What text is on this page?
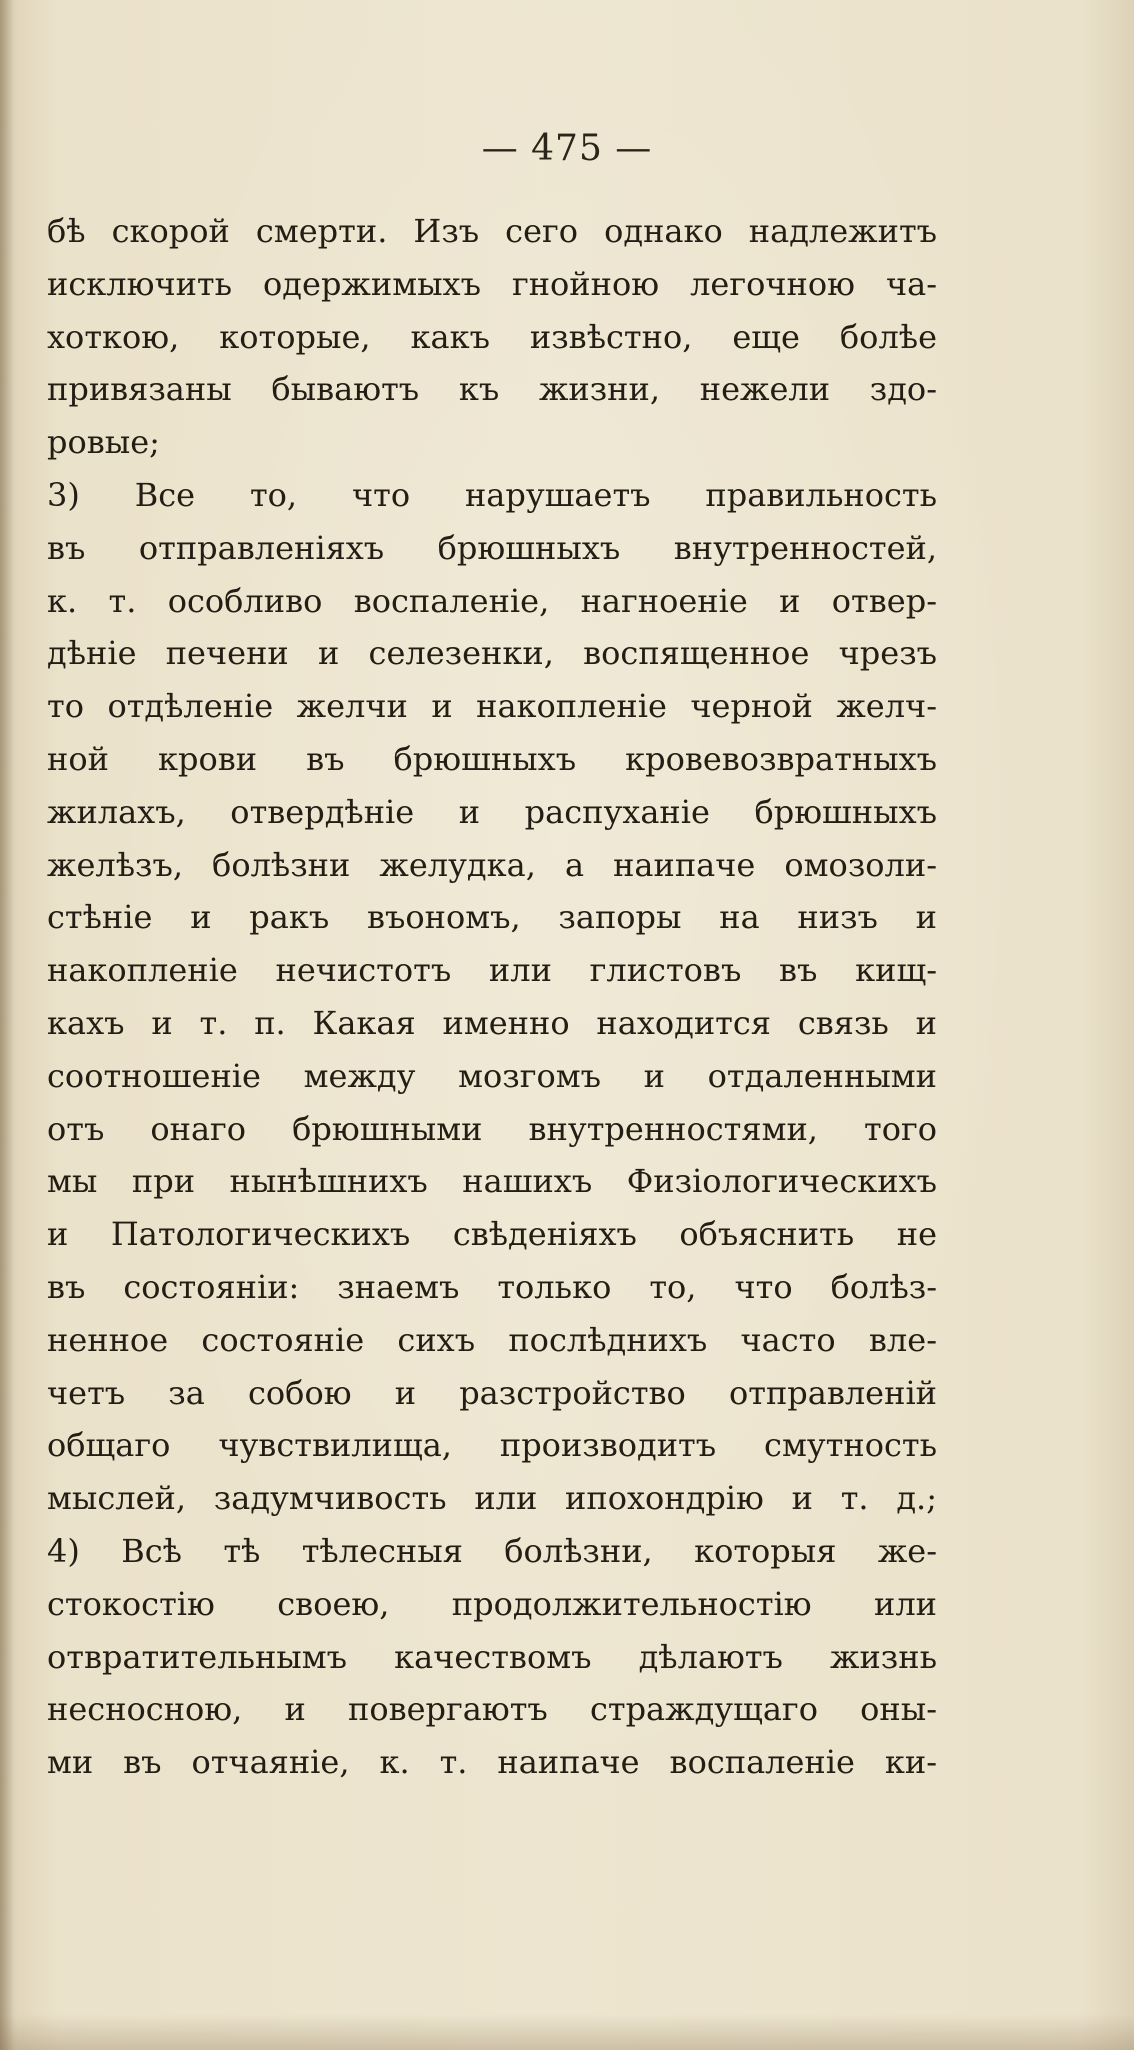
— 475 —
бѣ скорой смерти. Изъ сего однако надлежитъ
исключить одержимыхъ гнойною легочною ча-
хоткою, которые, какъ извѣстно, еще болѣе
привязаны бываютъ къ жизни, нежели здо-
ровые;
3) Все то, что нарушаетъ правильность
въ отправленiяхъ брюшныхъ внутренностей,
к. т. особливо воспаленiе, нагноенiе и отвер-
дѣнiе печени и селезенки, воспященное чрезъ
то отдѣленiе желчи и накопленiе черной желч-
ной крови въ брюшныхъ кровевозвратныхъ
жилахъ, отвердѣнiе и распуханiе брюшныхъ
желѣзъ, болѣзни желудка, а наипаче омозоли-
стѣнiе и ракъ въономъ, запоры на низъ и
накопленiе нечистотъ или глистовъ въ кищ-
кахъ и т. п. Какая именно находится связь и
соотношенiе между мозгомъ и отдаленными
отъ онаго брюшными внутренностями, того
мы при нынѣшнихъ нашихъ Физiологическихъ
и Патологическихъ свѣденiяхъ объяснить не
въ состоянiи: знаемъ только то, что болѣз-
ненное состоянiе сихъ послѣднихъ часто вле-
четъ за собою и разстройство отправленiй
общаго чувствилища, производитъ смутность
мыслей, задумчивость или ипохондрiю и т. д.;
4) Всѣ тѣ тѣлесныя болѣзни, которыя же-
стокостiю своею, продолжительностiю или
отвратительнымъ качествомъ дѣлаютъ жизнь
несносною, и повергаютъ страждущаго оны-
ми въ отчаянiе, к. т. наипаче воспаленiе ки-
